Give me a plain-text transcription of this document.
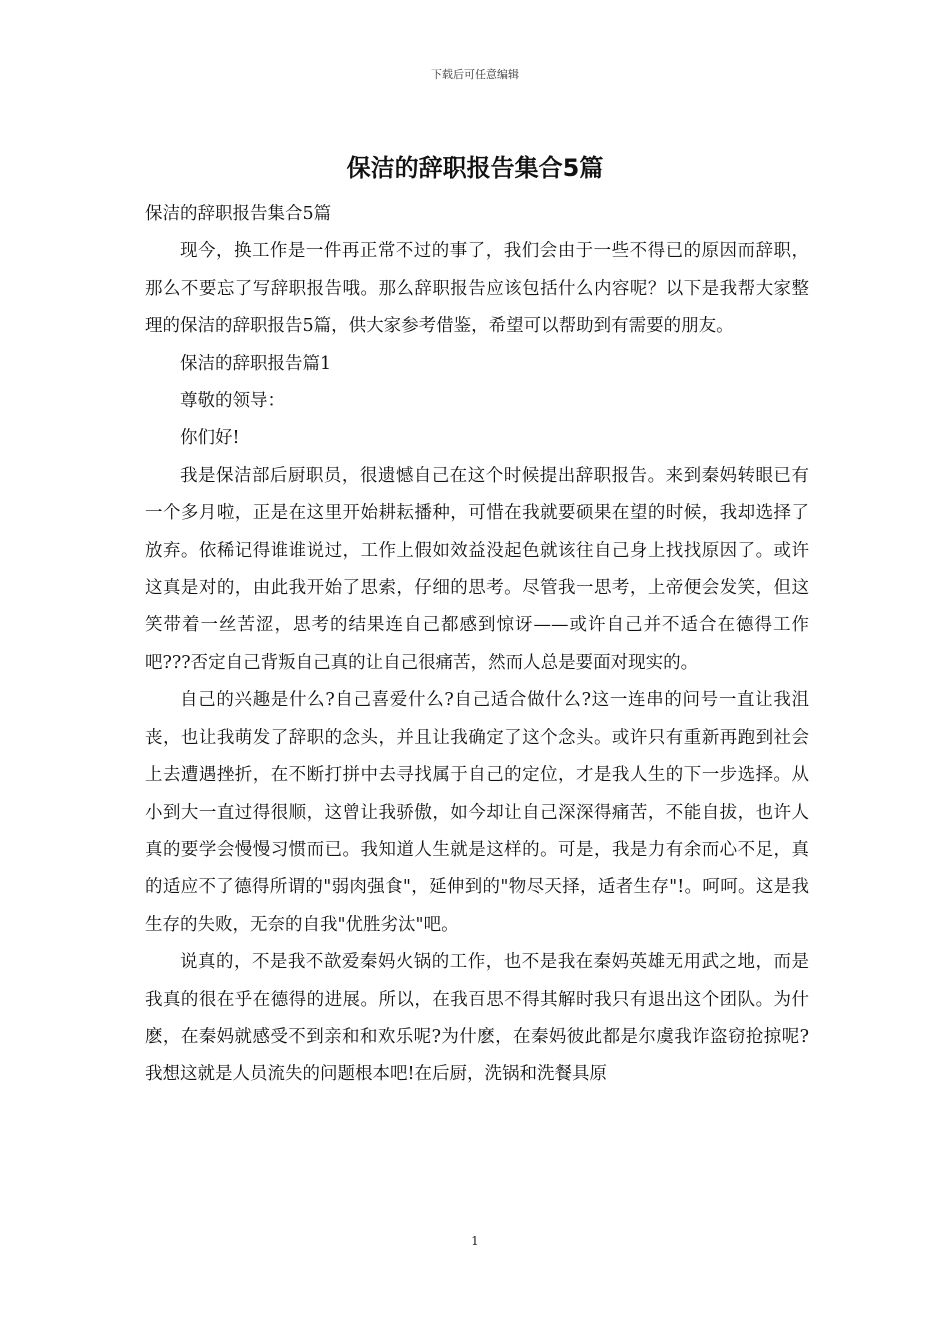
下载后可任意编辑
保洁的辞职报告集合5篇

保洁的辞职报告集合5篇

现今，换工作是一件再正常不过的事了，我们会由于一些不得已的原因而辞职，那么不要忘了写辞职报告哦。那么辞职报告应该包括什么内容呢？以下是我帮大家整理的保洁的辞职报告5篇，供大家参考借鉴，希望可以帮助到有需要的朋友。

保洁的辞职报告篇1

尊敬的领导：

你们好!

我是保洁部后厨职员，很遗憾自己在这个时候提出辞职报告。来到秦妈转眼已有一个多月啦，正是在这里开始耕耘播种，可惜在我就要硕果在望的时候，我却选择了放弃。依稀记得谁谁说过，工作上假如效益没起色就该往自己身上找找原因了。或许这真是对的，由此我开始了思索，仔细的思考。尽管我一思考，上帝便会发笑，但这笑带着一丝苦涩，思考的结果连自己都感到惊讶——或许自己并不适合在德得工作吧???否定自己背叛自己真的让自己很痛苦，然而人总是要面对现实的。

自己的兴趣是什么?自己喜爱什么?自己适合做什么?这一连串的问号一直让我沮丧，也让我萌发了辞职的念头，并且让我确定了这个念头。或许只有重新再跑到社会上去遭遇挫折，在不断打拼中去寻找属于自己的定位，才是我人生的下一步选择。从小到大一直过得很顺，这曾让我骄傲，如今却让自己深深得痛苦，不能自拔，也许人真的要学会慢慢习惯而已。我知道人生就是这样的。可是，我是力有余而心不足，真的适应不了德得所谓的"弱肉强食"，延伸到的"物尽天择，适者生存"!。呵呵。这是我生存的失败，无奈的自我"优胜劣汰"吧。

说真的，不是我不歆爱秦妈火锅的工作，也不是我在秦妈英雄无用武之地，而是我真的很在乎在德得的进展。所以，在我百思不得其解时我只有退出这个团队。为什麽，在秦妈就感受不到亲和和欢乐呢?为什麽，在秦妈彼此都是尔虞我诈盗窃抢掠呢?我想这就是人员流失的问题根本吧!在后厨，洗锅和洗餐具原

1
